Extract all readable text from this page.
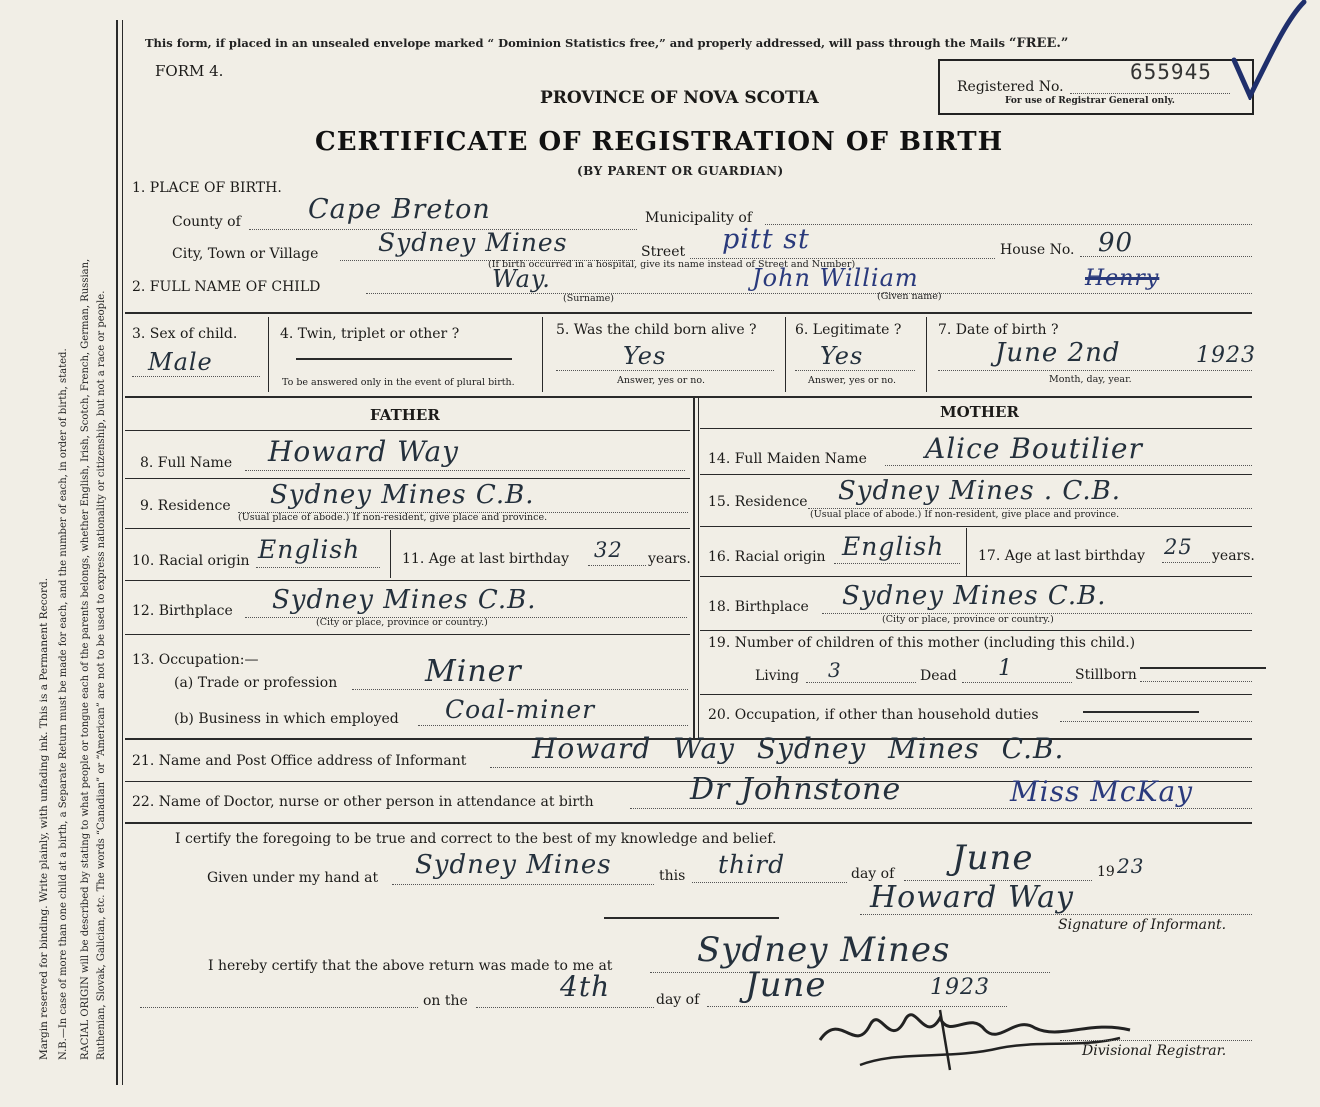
Margin reserved for binding. Write plainly, with unfading ink. This is a Permanent Record. N.B.—In case of more than one child at a birth, a Separate Return must be made for each, and the number of each, in order of birth, stated. RACIAL ORIGIN will be described by stating to what people or tongue each of the parents belongs, whether English, Irish, Scotch, French, German, Russian, Ruthenian, Slovak, Galician, etc. The words “Canadian” or “American” are not to be used to express nationality or citizenship, but not a race or people.
This form, if placed in an unsealed envelope marked “ Dominion Statistics free,” and properly addressed, will pass through the Mails “FREE.”
FORM 4.
PROVINCE OF NOVA SCOTIA
CERTIFICATE OF REGISTRATION OF BIRTH
(BY PARENT OR GUARDIAN)
Registered No.
655945
For use of Registrar General only.
1. PLACE OF BIRTH.
County of Cape Breton	Municipality of
City, Town or Village Sydney Mines	Street pitt st	House No. 90
(If birth occurred in a hospital, give its name instead of Street and Number)
2. FULL NAME OF CHILD	Way.
(Surname)
John William	Henry
(Given name)
3. Sex of child.
Male
4. Twin, triplet or other ?
To be answered only in the event of plural birth.
5. Was the child born alive ?
Yes
Answer, yes or no.
6. Legitimate ?
Yes
Answer, yes or no.
7. Date of birth ?
June 2nd	1923
Month, day, year.
FATHER	MOTHER
8. Full Name Howard Way
9. Residence Sydney Mines C.B.
(Usual place of abode.) If non-resident, give place and province.
10. Racial origin English	11. Age at last birthday 32 years.
12. Birthplace Sydney Mines C.B.
(City or place, province or country.)
13. Occupation:—
(a) Trade or profession	Miner
(b) Business in which employed Coal-miner
14. Full Maiden Name Alice Boutilier
15. Residence Sydney Mines . C.B.
(Usual place of abode.) If non-resident, give place and province.
16. Racial origin English 17. Age at last birthday 25 years.
18. Birthplace Sydney Mines C.B.
(City or place, province or country.)
19. Number of children of this mother (including this child.)
Living 3	Dead 1	Stillborn
20. Occupation, if other than household duties
21. Name and Post Office address of Informant Howard Way Sydney Mines C.B.
22. Name of Doctor, nurse or other person in attendance at birth	Dr Johnstone	Miss McKay
I certify the foregoing to be true and correct to the best of my knowledge and belief.
Given under my hand at Sydney Mines	this third	day of June	19 23
Howard Way
Signature of Informant.
I hereby certify that the above return was made to me at Sydney Mines
on the	4th	day of June	1923
Divisional Registrar.
